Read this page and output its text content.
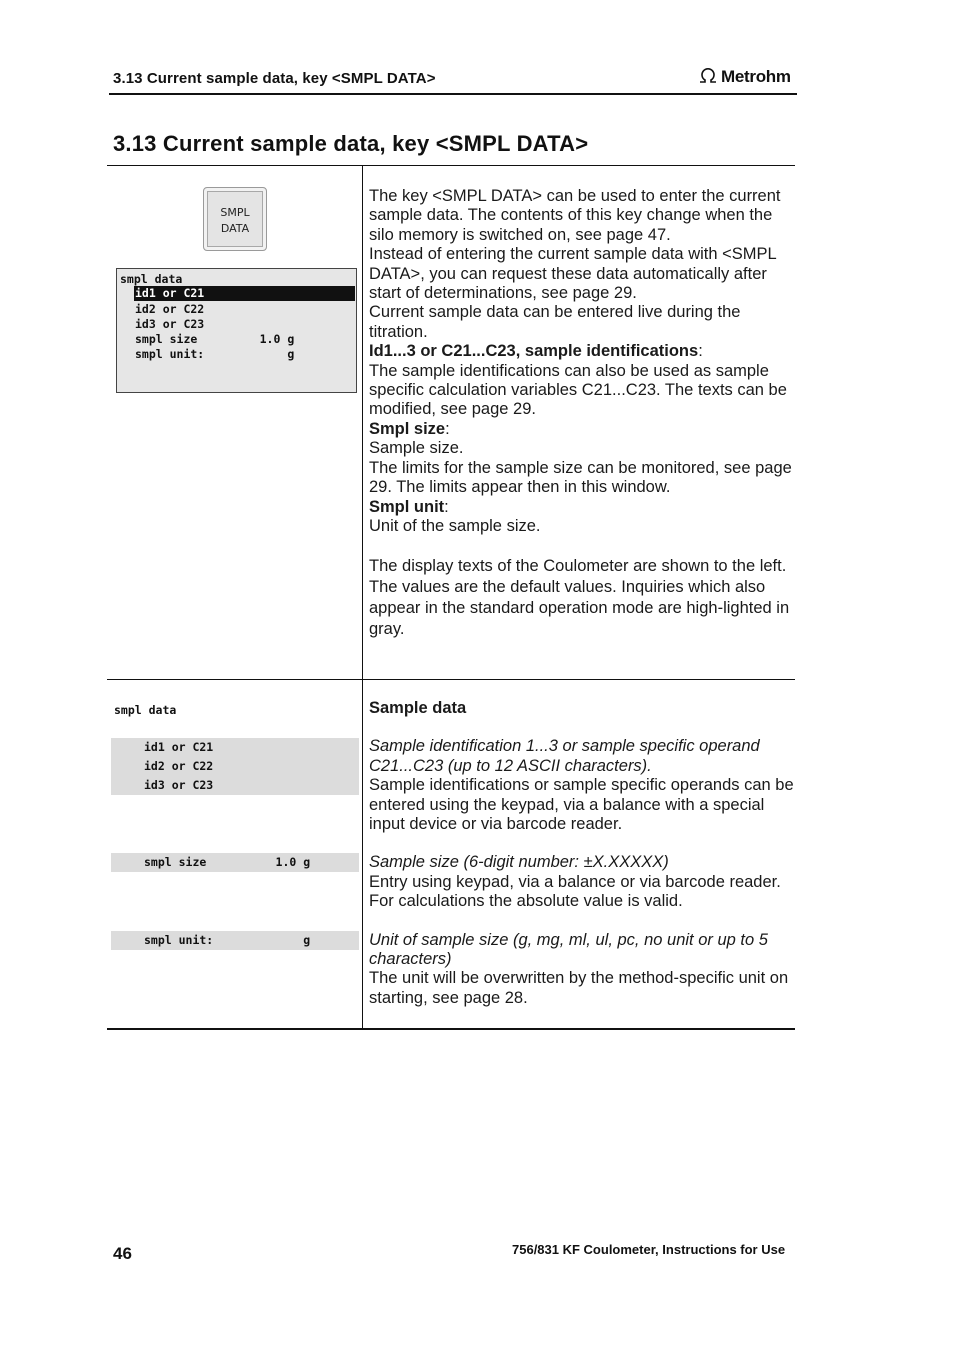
3.13 Current sample data, key <SMPL DATA>	Metrohm
3.13 Current sample data, key <SMPL DATA>
SMPL
DATA
smpl data
id1 or C21
id2 or C22
id3 or C23
smpl size         1.0 g
smpl unit:            g

The key <SMPL DATA> can be used to enter the current sample data. The contents of this key change when the silo memory is switched on, see page 47.

Instead of entering the current sample data with <SMPL DATA>, you can request these data automatically after start of determinations, see page 29.

Current sample data can be entered live during the titration.

Id1...3 or C21...C23, sample identifications:

The sample identifications can also be used as sample specific calculation variables C21...C23. The texts can be modified, see page 29.

Smpl size:

Sample size.
The limits for the sample size can be monitored, see page 29. The limits appear then in this window.

Smpl unit:

Unit of the sample size.

The display texts of the Coulometer are shown to the left. The values are the default values. Inquiries which also appear in the standard operation mode are high-lighted in gray.

smpl data
id1 or C21
id2 or C22
id3 or C23
smpl size          1.0 g
smpl unit:             g

Sample data

Sample identification 1...3 or sample specific operand C21...C23 (up to 12 ASCII characters).

Sample identifications or sample specific operands can be entered using the keypad, via a balance with a special input device or via barcode reader.

Sample size (6-digit number: ±X.XXXXX)

Entry using keypad, via a balance or via barcode reader. For calculations the absolute value is valid.

Unit of sample size (g, mg, ml, ul, pc, no unit or up to 5 characters)

The unit will be overwritten by the method-specific unit on starting, see page 28.

46	756/831 KF Coulometer, Instructions for Use
